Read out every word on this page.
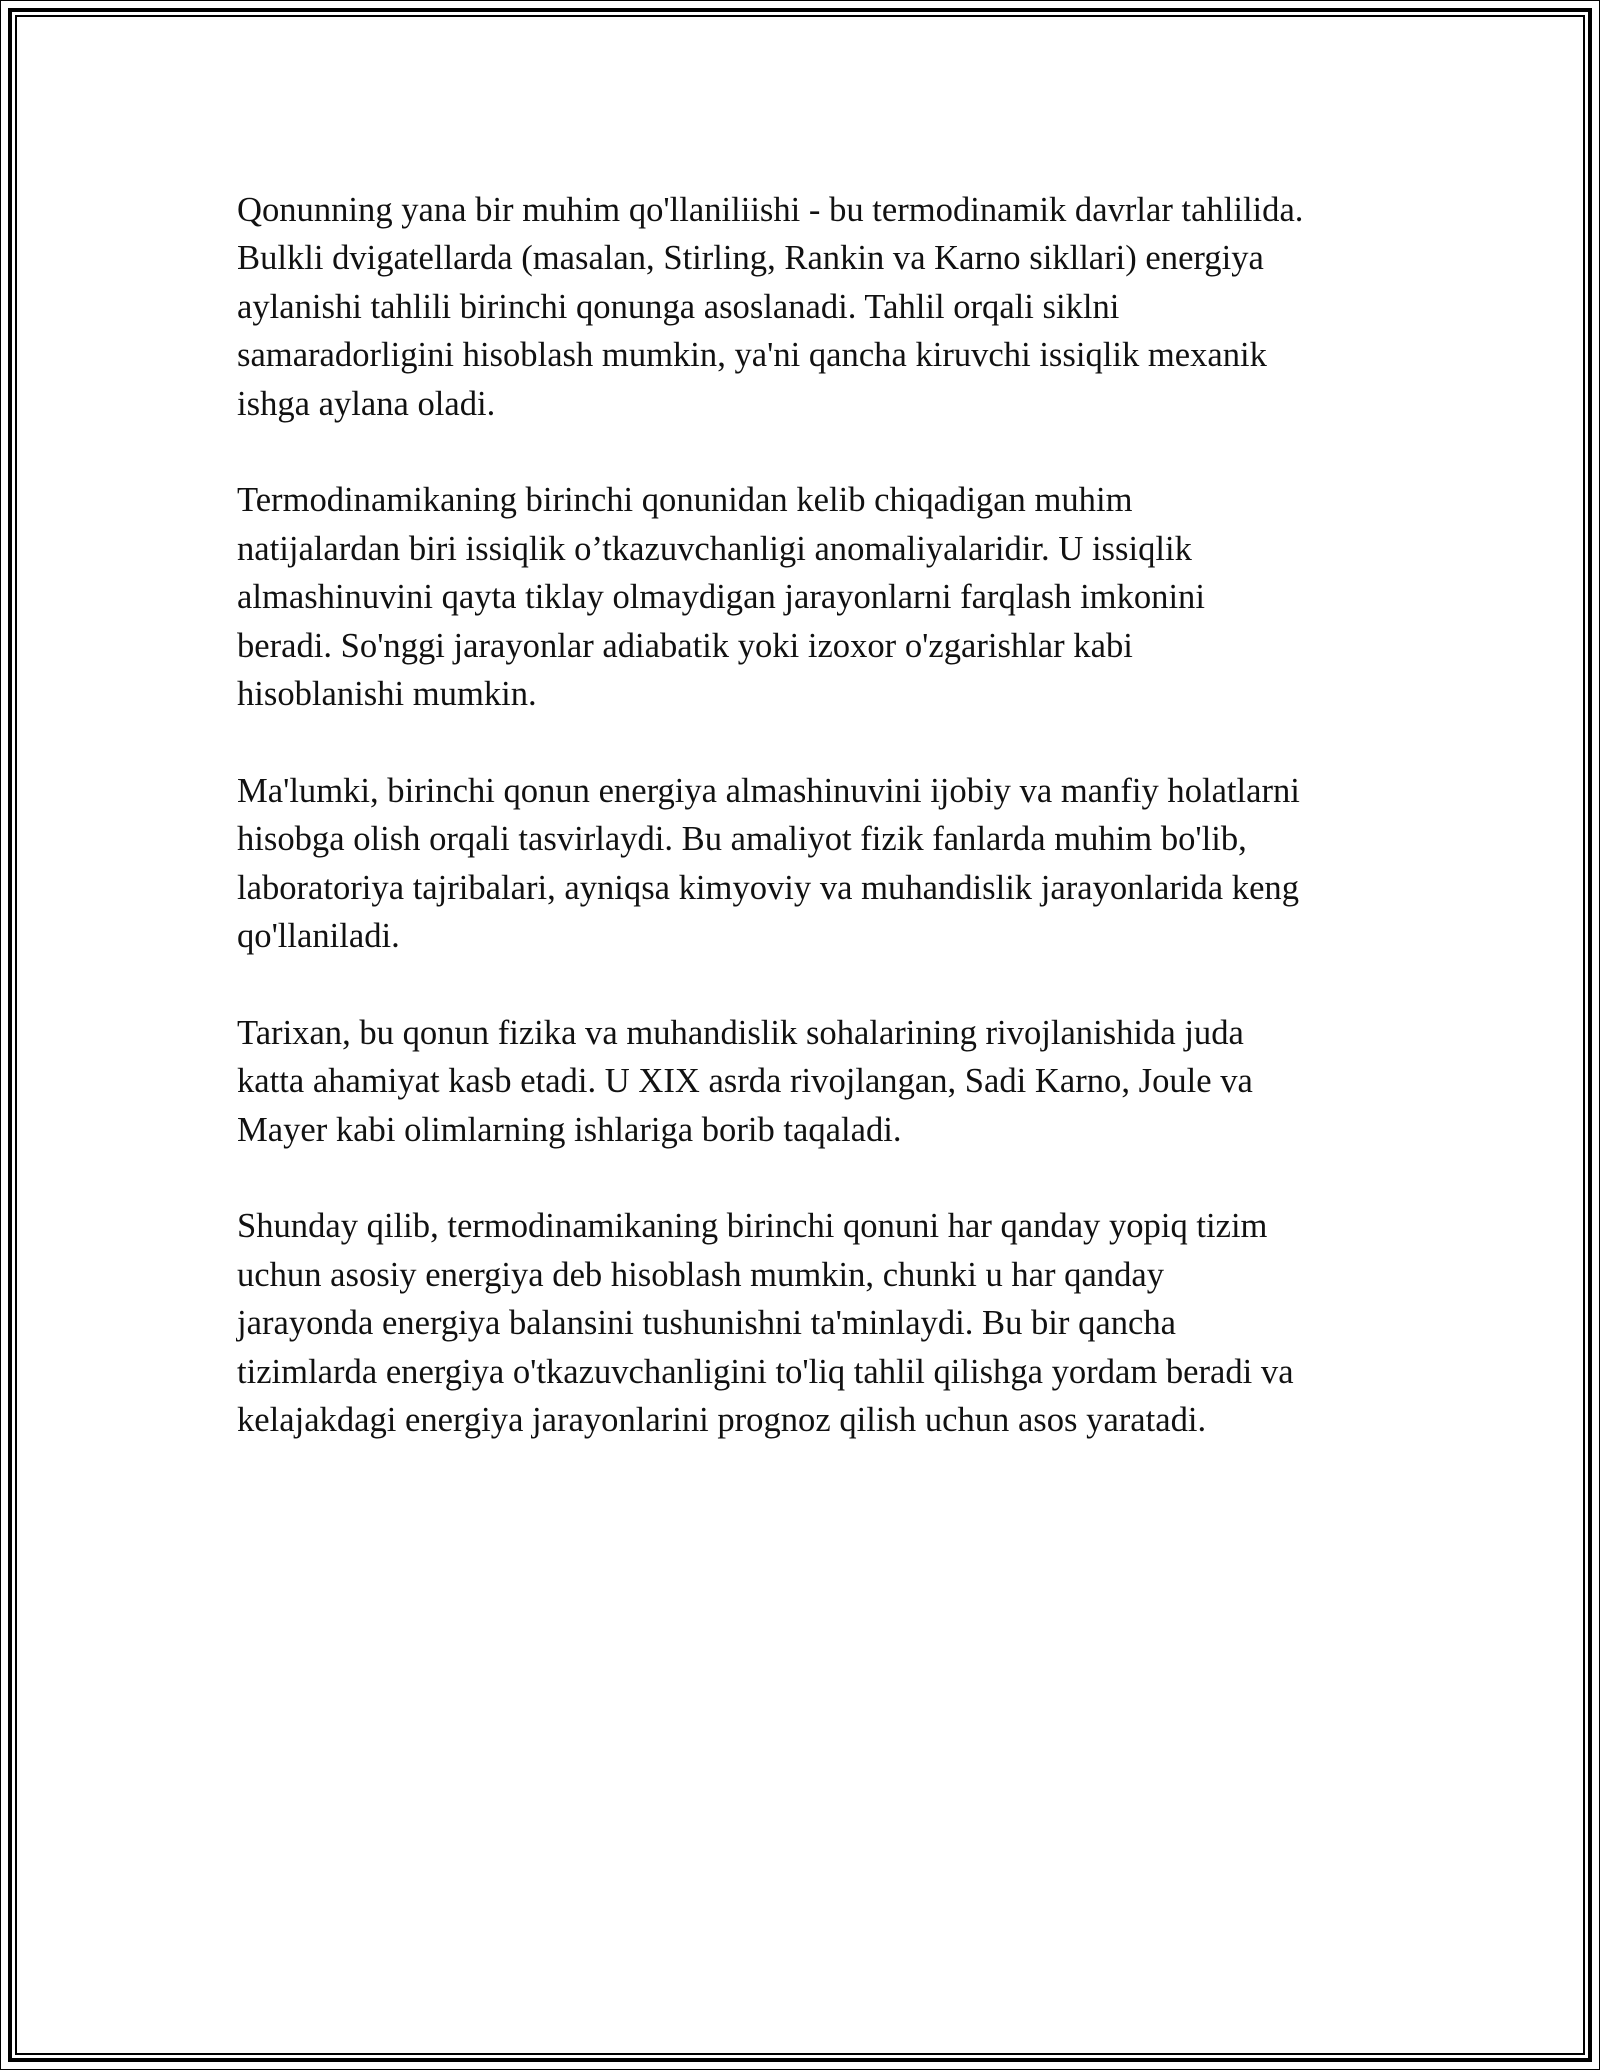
Qonunning yana bir muhim qo'llaniliishi - bu termodinamik davrlar tahlilida.
Bulkli dvigatellarda (masalan, Stirling, Rankin va Karno sikllari) energiya
aylanishi tahlili birinchi qonunga asoslanadi. Tahlil orqali siklni
samaradorligini hisoblash mumkin, ya'ni qancha kiruvchi issiqlik mexanik
ishga aylana oladi.

Termodinamikaning birinchi qonunidan kelib chiqadigan muhim
natijalardan biri issiqlik o’tkazuvchanligi anomaliyalaridir. U issiqlik
almashinuvini qayta tiklay olmaydigan jarayonlarni farqlash imkonini
beradi. So'nggi jarayonlar adiabatik yoki izoxor o'zgarishlar kabi
hisoblanishi mumkin.

Ma'lumki, birinchi qonun energiya almashinuvini ijobiy va manfiy holatlarni
hisobga olish orqali tasvirlaydi. Bu amaliyot fizik fanlarda muhim bo'lib,
laboratoriya tajribalari, ayniqsa kimyoviy va muhandislik jarayonlarida keng
qo'llaniladi.

Tarixan, bu qonun fizika va muhandislik sohalarining rivojlanishida juda
katta ahamiyat kasb etadi. U XIX asrda rivojlangan, Sadi Karno, Joule va
Mayer kabi olimlarning ishlariga borib taqaladi.

Shunday qilib, termodinamikaning birinchi qonuni har qanday yopiq tizim
uchun asosiy energiya deb hisoblash mumkin, chunki u har qanday
jarayonda energiya balansini tushunishni ta'minlaydi. Bu bir qancha
tizimlarda energiya o'tkazuvchanligini to'liq tahlil qilishga yordam beradi va
kelajakdagi energiya jarayonlarini prognoz qilish uchun asos yaratadi.
